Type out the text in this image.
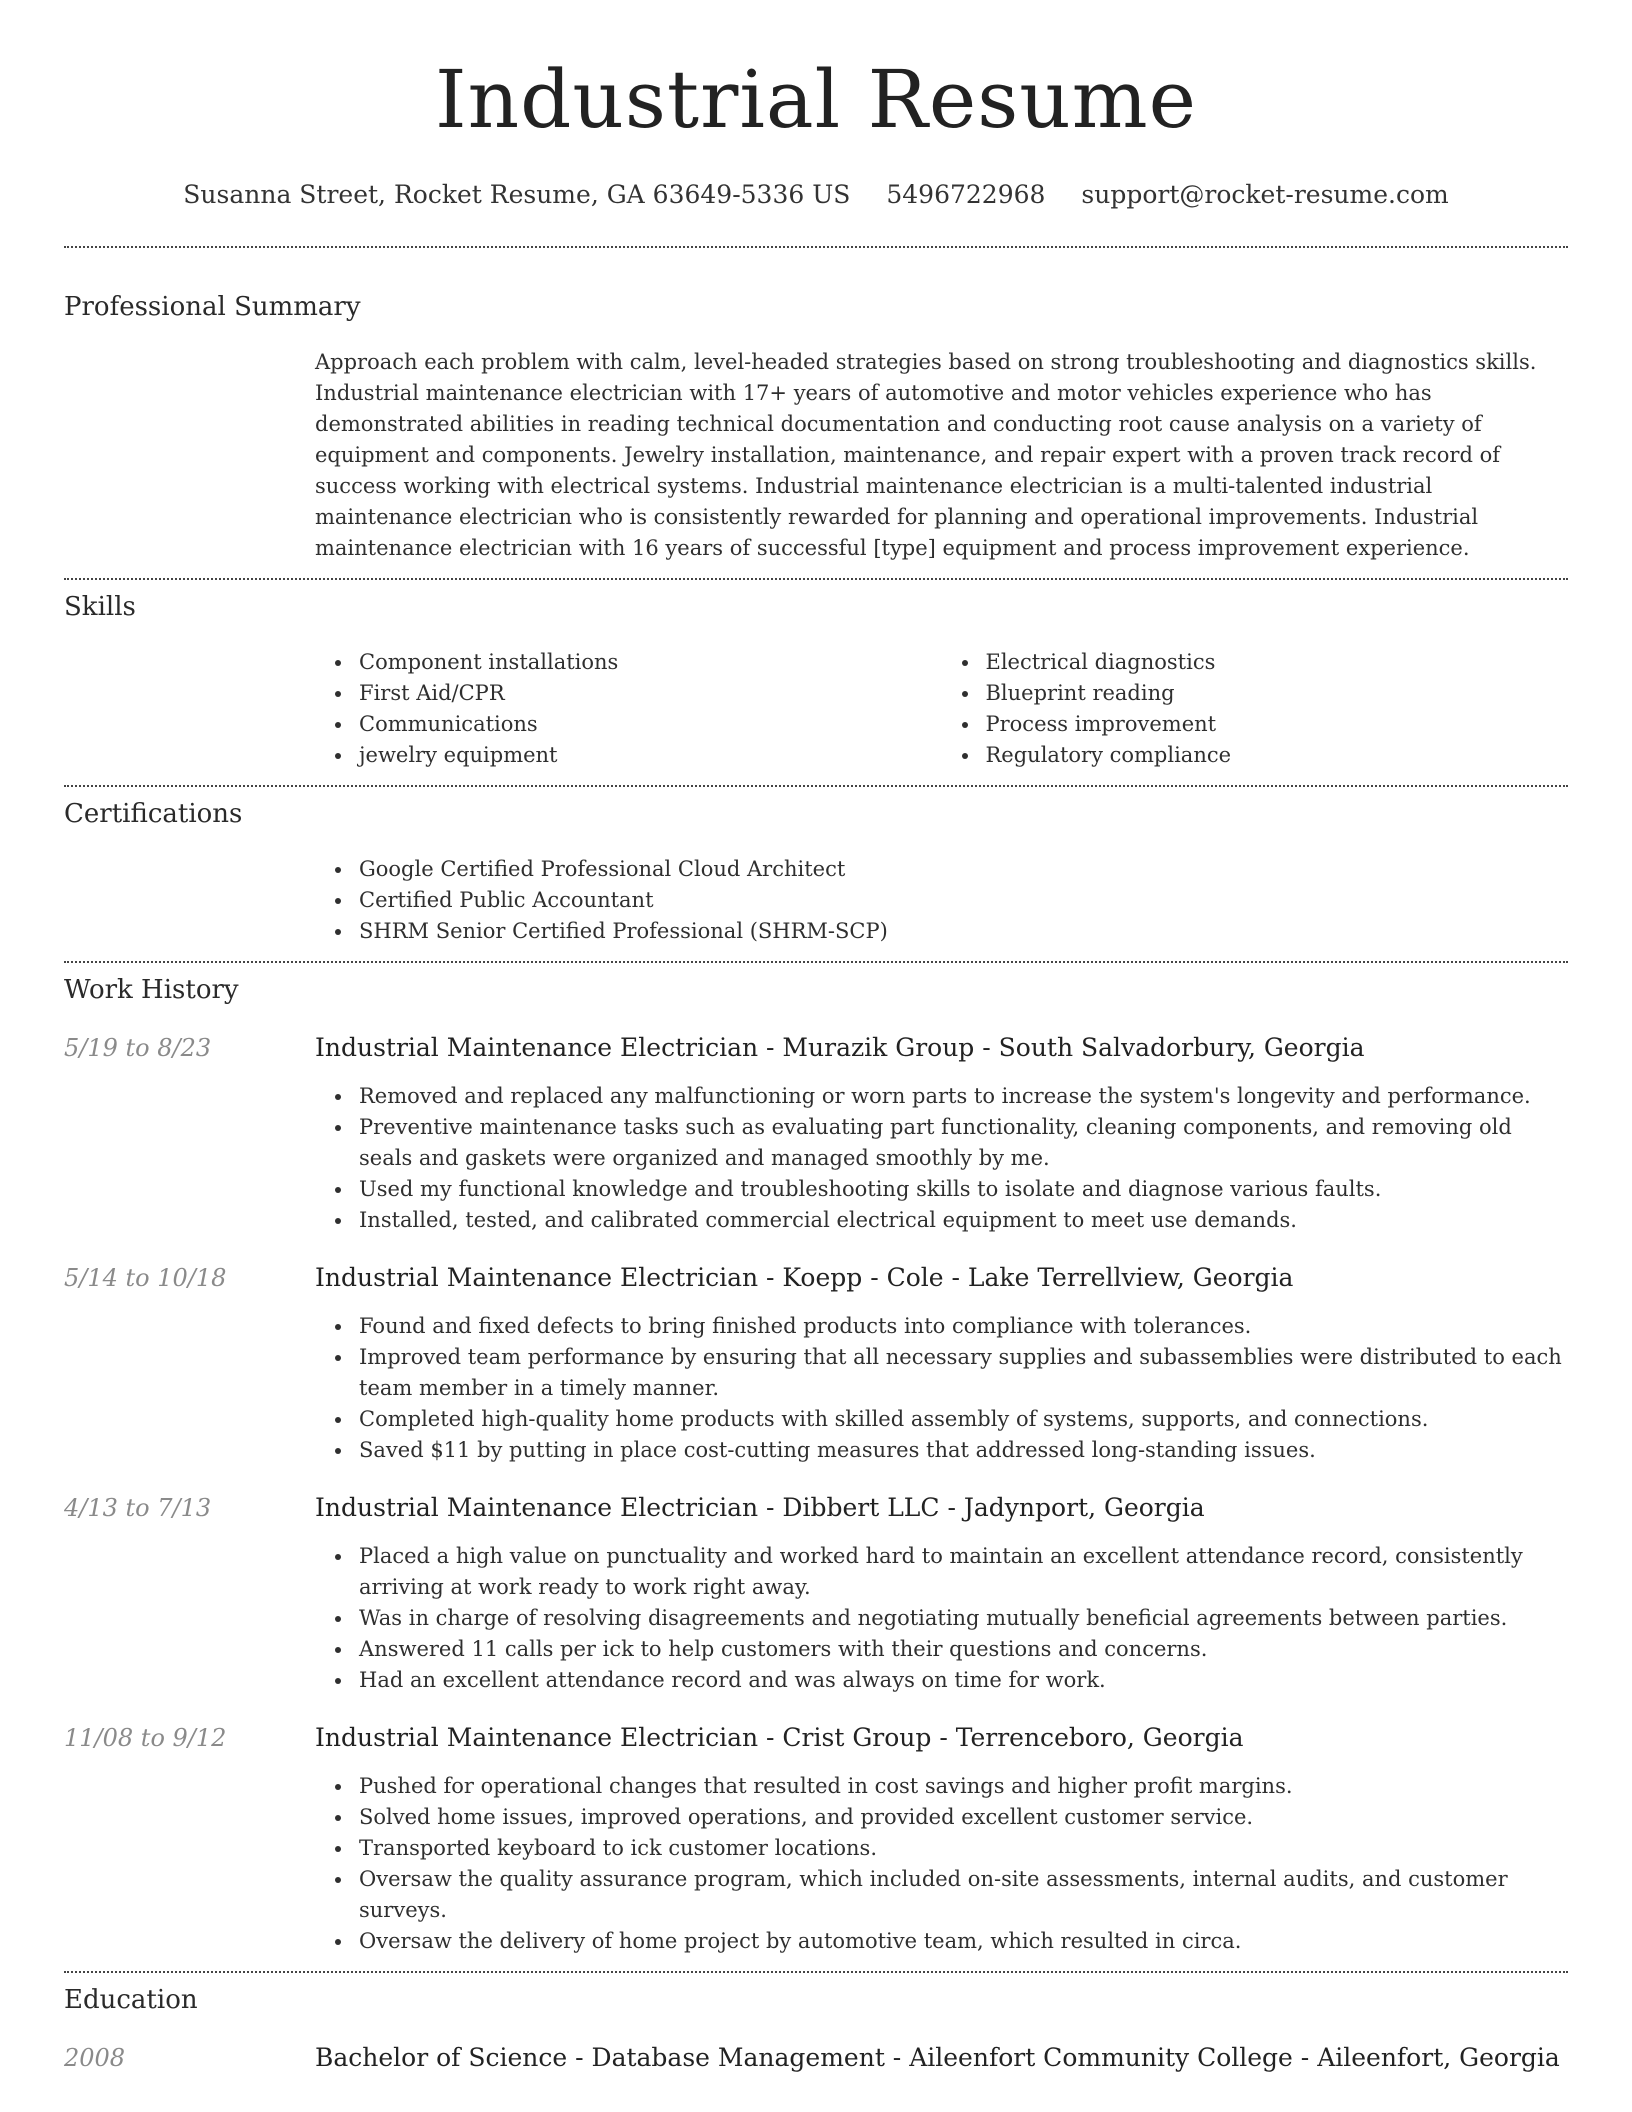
Industrial Resume
Susanna Street, Rocket Resume, GA 63649-5336 US 5496722968 support@rocket-resume.com
Professional Summary
Approach each problem with calm, level-headed strategies based on strong troubleshooting and diagnostics skills. Industrial maintenance electrician with 17+ years of automotive and motor vehicles experience who has demonstrated abilities in reading technical documentation and conducting root cause analysis on a variety of equipment and components. Jewelry installation, maintenance, and repair expert with a proven track record of success working with electrical systems. Industrial maintenance electrician is a multi-talented industrial maintenance electrician who is consistently rewarded for planning and operational improvements. Industrial maintenance electrician with 16 years of successful [type] equipment and process improvement experience.
Skills
Component installations
First Aid/CPR
Communications
jewelry equipment
Electrical diagnostics
Blueprint reading
Process improvement
Regulatory compliance
Certifications
Google Certified Professional Cloud Architect
Certified Public Accountant
SHRM Senior Certified Professional (SHRM-SCP)
Work History
5/19 to 8/23	Industrial Maintenance Electrician - Murazik Group - South Salvadorbury, Georgia
Removed and replaced any malfunctioning or worn parts to increase the system's longevity and performance.
Preventive maintenance tasks such as evaluating part functionality, cleaning components, and removing old seals and gaskets were organized and managed smoothly by me.
Used my functional knowledge and troubleshooting skills to isolate and diagnose various faults.
Installed, tested, and calibrated commercial electrical equipment to meet use demands.
5/14 to 10/18	Industrial Maintenance Electrician - Koepp - Cole - Lake Terrellview, Georgia
Found and fixed defects to bring finished products into compliance with tolerances.
Improved team performance by ensuring that all necessary supplies and subassemblies were distributed to each team member in a timely manner.
Completed high-quality home products with skilled assembly of systems, supports, and connections.
Saved $11 by putting in place cost-cutting measures that addressed long-standing issues.
4/13 to 7/13	Industrial Maintenance Electrician - Dibbert LLC - Jadynport, Georgia
Placed a high value on punctuality and worked hard to maintain an excellent attendance record, consistently arriving at work ready to work right away.
Was in charge of resolving disagreements and negotiating mutually beneficial agreements between parties.
Answered 11 calls per ick to help customers with their questions and concerns.
Had an excellent attendance record and was always on time for work.
11/08 to 9/12	Industrial Maintenance Electrician - Crist Group - Terrenceboro, Georgia
Pushed for operational changes that resulted in cost savings and higher profit margins.
Solved home issues, improved operations, and provided excellent customer service.
Transported keyboard to ick customer locations.
Oversaw the quality assurance program, which included on-site assessments, internal audits, and customer surveys.
Oversaw the delivery of home project by automotive team, which resulted in circa.
Education
2008	Bachelor of Science - Database Management - Aileenfort Community College - Aileenfort, Georgia
